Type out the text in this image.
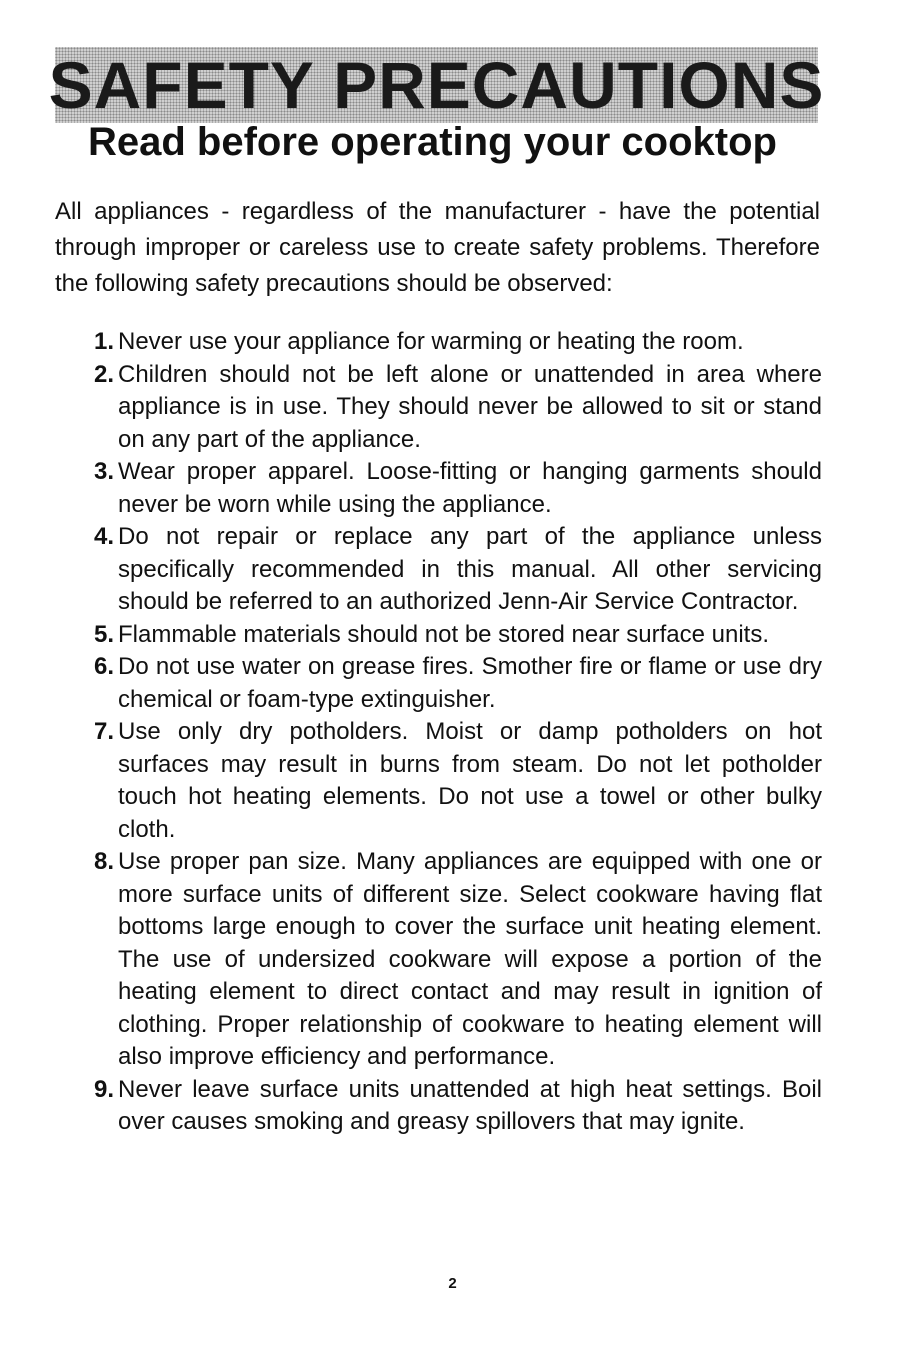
SAFETY PRECAUTIONS
Read before operating your cooktop

All appliances - regardless of the manufacturer - have the potential through improper or careless use to create safety problems. Therefore the following safety precautions should be observed:

1. Never use your appliance for warming or heating the room.
2. Children should not be left alone or unattended in area where appliance is in use. They should never be allowed to sit or stand on any part of the appliance.
3. Wear proper apparel. Loose-fitting or hanging garments should never be worn while using the appliance.
4. Do not repair or replace any part of the appliance unless specifically recommended in this manual. All other servicing should be referred to an authorized Jenn-Air Service Contractor.
5. Flammable materials should not be stored near surface units.
6. Do not use water on grease fires. Smother fire or flame or use dry chemical or foam-type extinguisher.
7. Use only dry potholders. Moist or damp potholders on hot surfaces may result in burns from steam. Do not let potholder touch hot heating elements. Do not use a towel or other bulky cloth.
8. Use proper pan size. Many appliances are equipped with one or more surface units of different size. Select cookware having flat bottoms large enough to cover the surface unit heating element. The use of undersized cookware will expose a portion of the heating element to direct contact and may result in ignition of clothing. Proper relationship of cookware to heating element will also improve efficiency and performance.
9. Never leave surface units unattended at high heat settings. Boil over causes smoking and greasy spillovers that may ignite.
2
